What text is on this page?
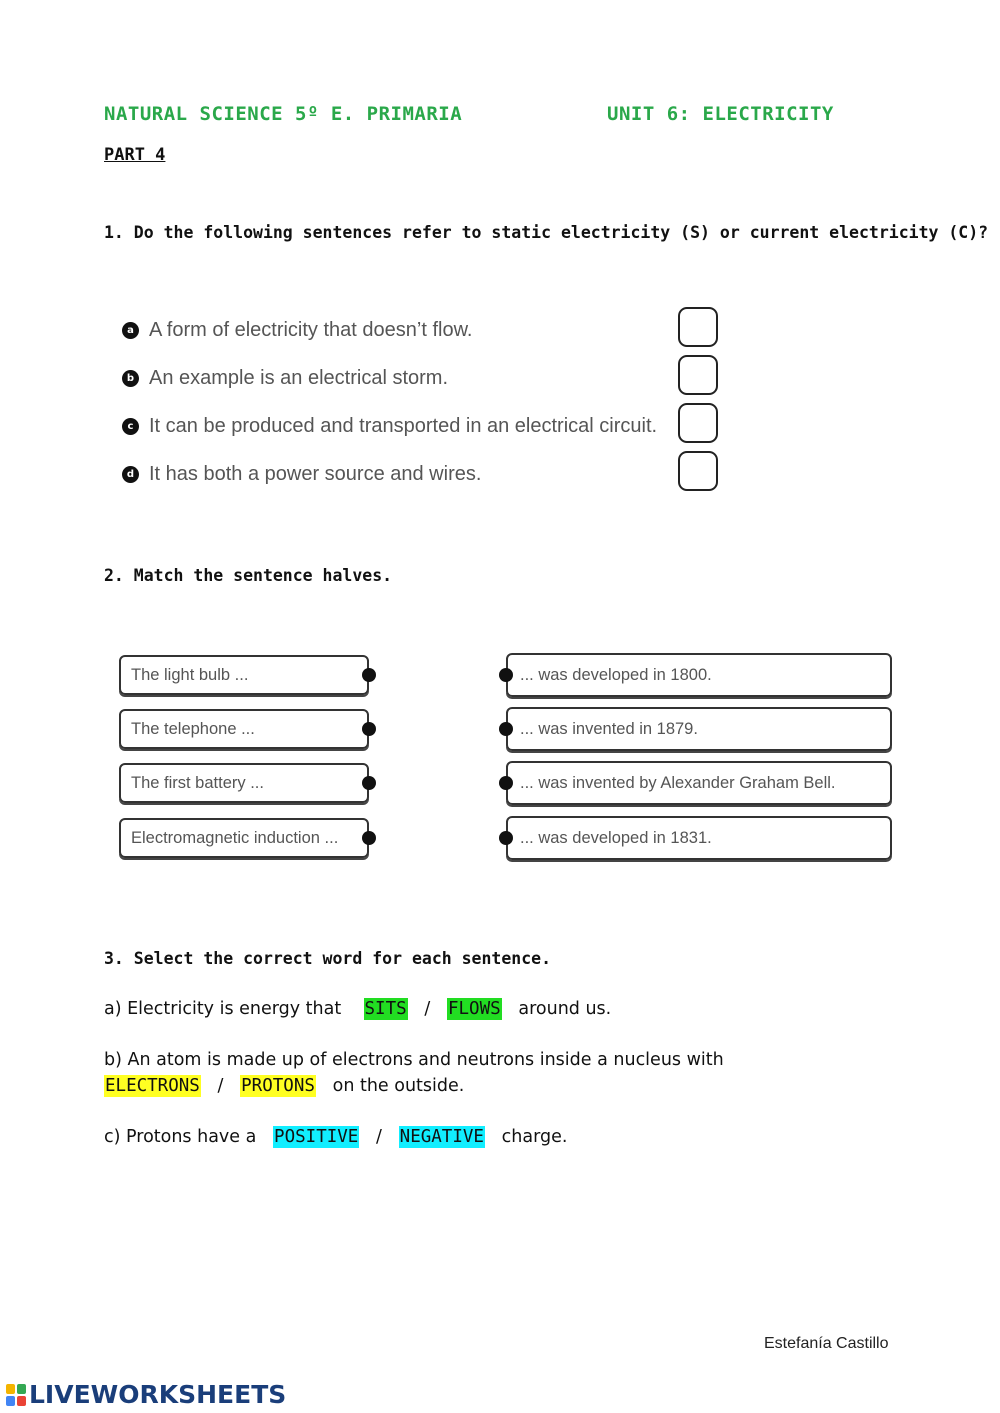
NATURAL SCIENCE 5º E. PRIMARIA	UNIT 6: ELECTRICITY
PART 4
1. Do the following sentences refer to static electricity (S) or current electricity (C)?
a A form of electricity that doesn’t flow.
b An example is an electrical storm.
c It can be produced and transported in an electrical circuit.
d It has both a power source and wires.
2. Match the sentence halves.
The light bulb ...
The telephone ...
The first battery ...
Electromagnetic induction ...
... was developed in 1800.
... was invented in 1879.
... was invented by Alexander Graham Bell.
... was developed in 1831.
3. Select the correct word for each sentence.
a) Electricity is energy that SITS / FLOWS around us.
b) An atom is made up of electrons and neutrons inside a nucleus with
ELECTRONS / PROTONS on the outside.
c) Protons have a POSITIVE / NEGATIVE charge.
Estefanía Castillo
LIVEWORKSHEETS
